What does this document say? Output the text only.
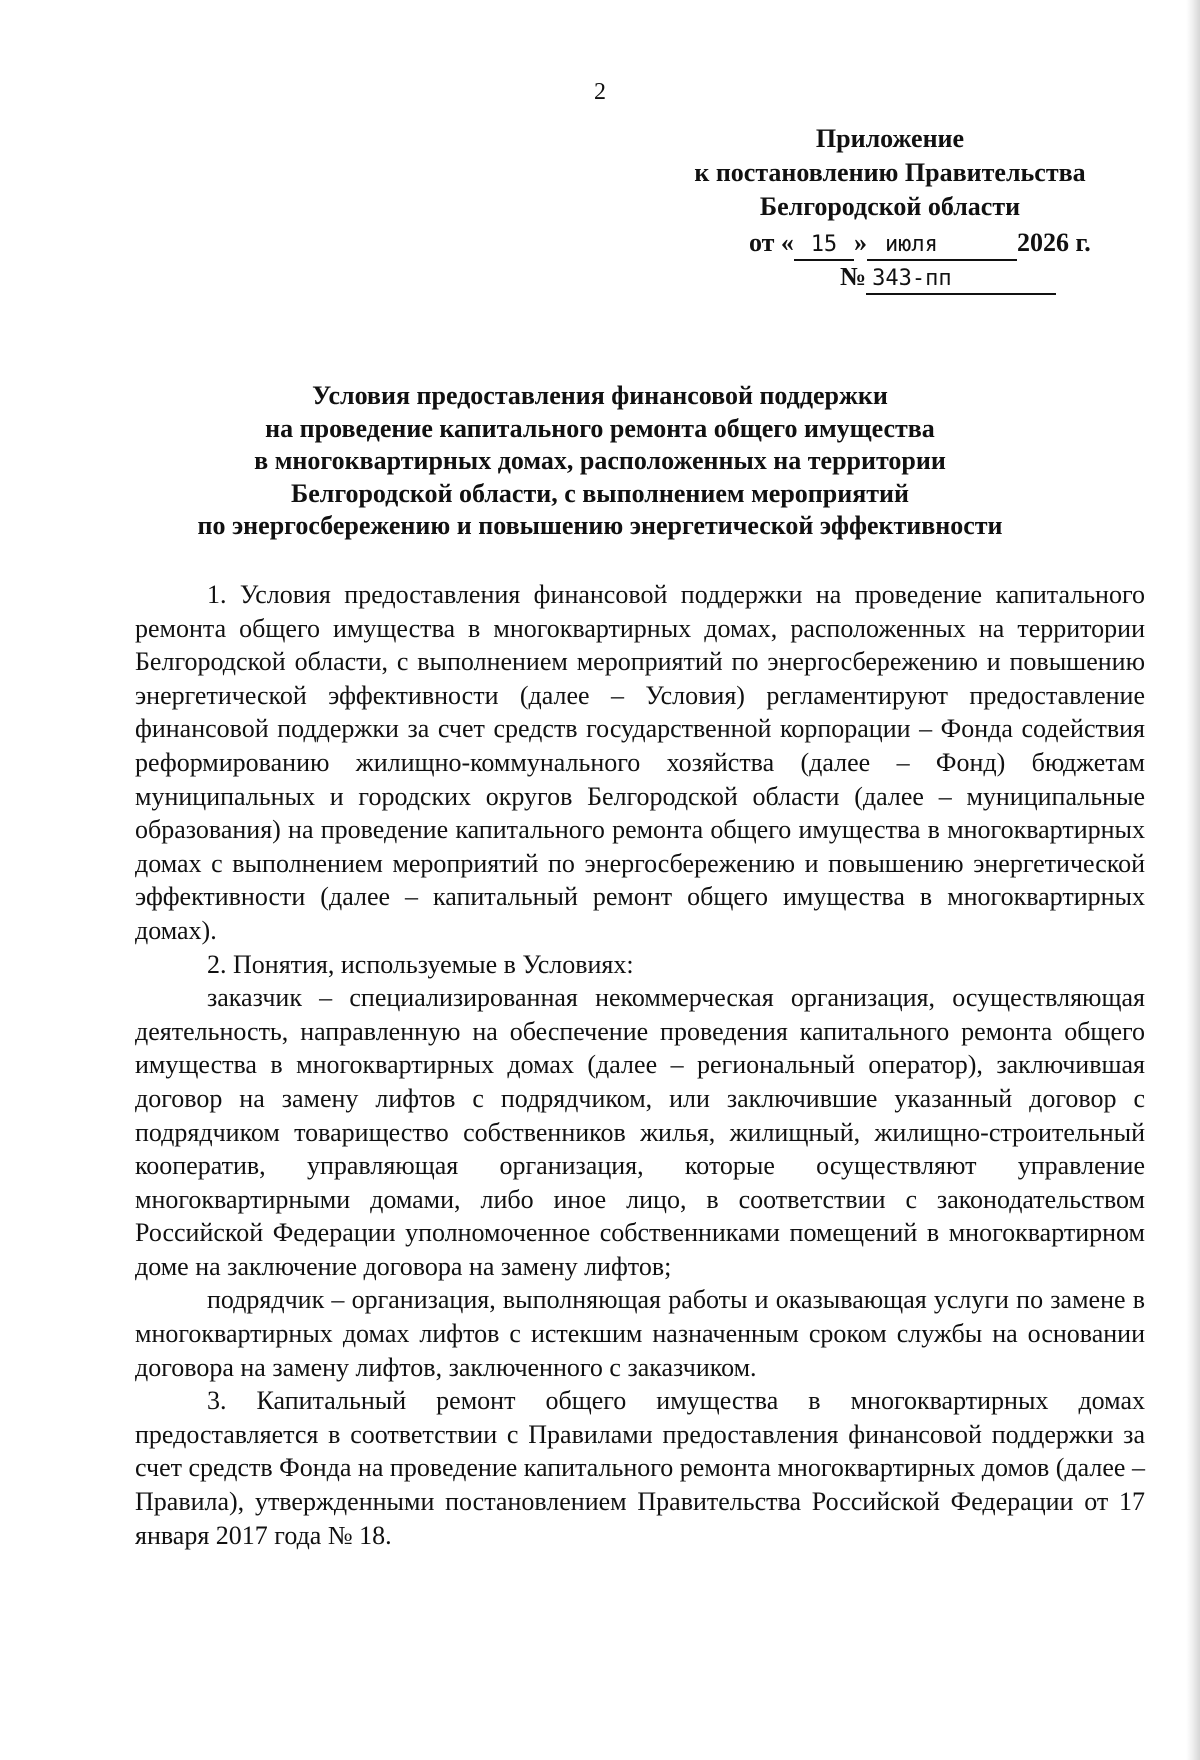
2
Приложение
к постановлению Правительства
Белгородской области
от « 15 » июля	2026 г.
№ 343-пп
Условия предоставления финансовой поддержки
на проведение капитального ремонта общего имущества
в многоквартирных домах, расположенных на территории
Белгородской области, с выполнением мероприятий
по энергосбережению и повышению энергетической эффективности

1. Условия предоставления финансовой поддержки на проведение капитального ремонта общего имущества в многоквартирных домах, расположенных на территории Белгородской области, с выполнением мероприятий по энергосбережению и повышению энергетической эффективности (далее – Условия) регламентируют предоставление финансовой поддержки за счет средств государственной корпорации – Фонда содействия реформированию жилищно-коммунального хозяйства (далее – Фонд) бюджетам муниципальных и городских округов Белгородской области (далее – муниципальные образования) на проведение капитального ремонта общего имущества в многоквартирных домах с выполнением мероприятий по энергосбережению и повышению энергетической эффективности (далее – капитальный ремонт общего имущества в многоквартирных домах).

2. Понятия, используемые в Условиях:

заказчик – специализированная некоммерческая организация, осуществляющая деятельность, направленную на обеспечение проведения капитального ремонта общего имущества в многоквартирных домах (далее – региональный оператор), заключившая договор на замену лифтов с подрядчиком, или заключившие указанный договор с подрядчиком товарищество собственников жилья, жилищный, жилищно-строительный кооператив, управляющая организация, которые осуществляют управление многоквартирными домами, либо иное лицо, в соответствии с законодательством Российской Федерации уполномоченное собственниками помещений в многоквартирном доме на заключение договора на замену лифтов;

подрядчик – организация, выполняющая работы и оказывающая услуги по замене в многоквартирных домах лифтов с истекшим назначенным сроком службы на основании договора на замену лифтов, заключенного с заказчиком.

3. Капитальный ремонт общего имущества в многоквартирных домах предоставляется в соответствии с Правилами предоставления финансовой поддержки за счет средств Фонда на проведение капитального ремонта многоквартирных домов (далее – Правила), утвержденными постановлением Правительства Российской Федерации от 17 января 2017 года № 18.
